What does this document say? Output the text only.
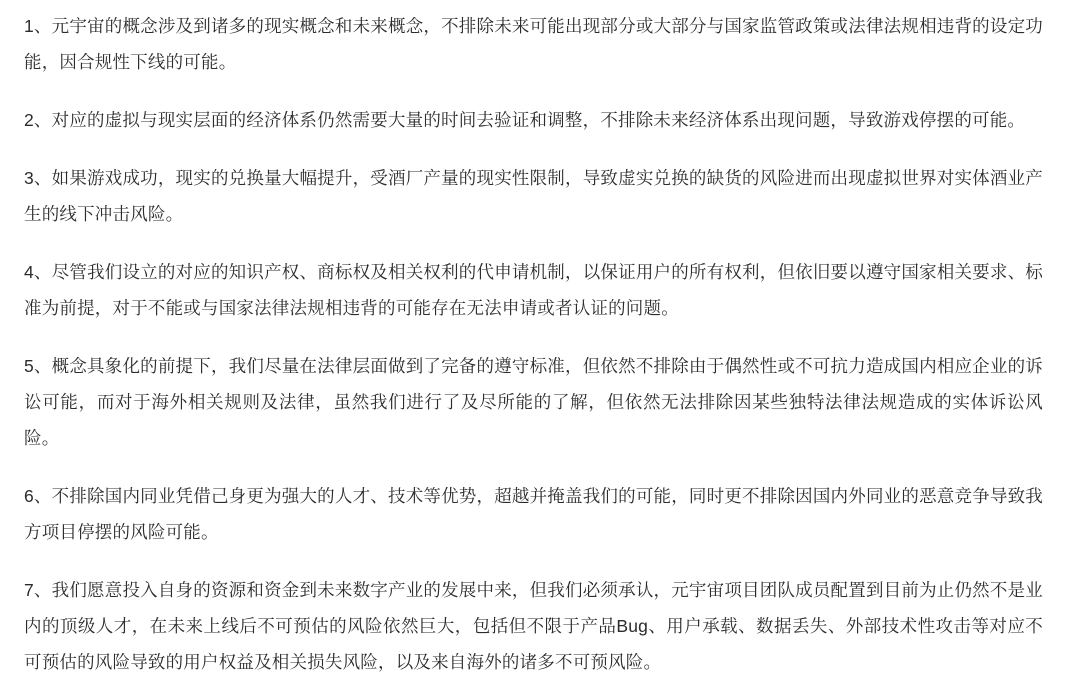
1、元宇宙的概念涉及到诸多的现实概念和未来概念，不排除未来可能出现部分或大部分与国家监管政策或法律法规相违背的设定功能，因合规性下线的可能。

2、对应的虚拟与现实层面的经济体系仍然需要大量的时间去验证和调整，不排除未来经济体系出现问题，导致游戏停摆的可能。

3、如果游戏成功，现实的兑换量大幅提升，受酒厂产量的现实性限制，导致虚实兑换的缺货的风险进而出现虚拟世界对实体酒业产生的线下冲击风险。

4、尽管我们设立的对应的知识产权、商标权及相关权利的代申请机制，以保证用户的所有权利，但依旧要以遵守国家相关要求、标准为前提，对于不能或与国家法律法规相违背的可能存在无法申请或者认证的问题。

5、概念具象化的前提下，我们尽量在法律层面做到了完备的遵守标准，但依然不排除由于偶然性或不可抗力造成国内相应企业的诉讼可能，而对于海外相关规则及法律，虽然我们进行了及尽所能的了解，但依然无法排除因某些独特法律法规造成的实体诉讼风险。

6、不排除国内同业凭借己身更为强大的人才、技术等优势，超越并掩盖我们的可能，同时更不排除因国内外同业的恶意竞争导致我方项目停摆的风险可能。

7、我们愿意投入自身的资源和资金到未来数字产业的发展中来，但我们必须承认，元宇宙项目团队成员配置到目前为止仍然不是业内的顶级人才，在未来上线后不可预估的风险依然巨大，包括但不限于产品Bug、用户承载、数据丢失、外部技术性攻击等对应不可预估的风险导致的用户权益及相关损失风险，以及来自海外的诸多不可预风险。
